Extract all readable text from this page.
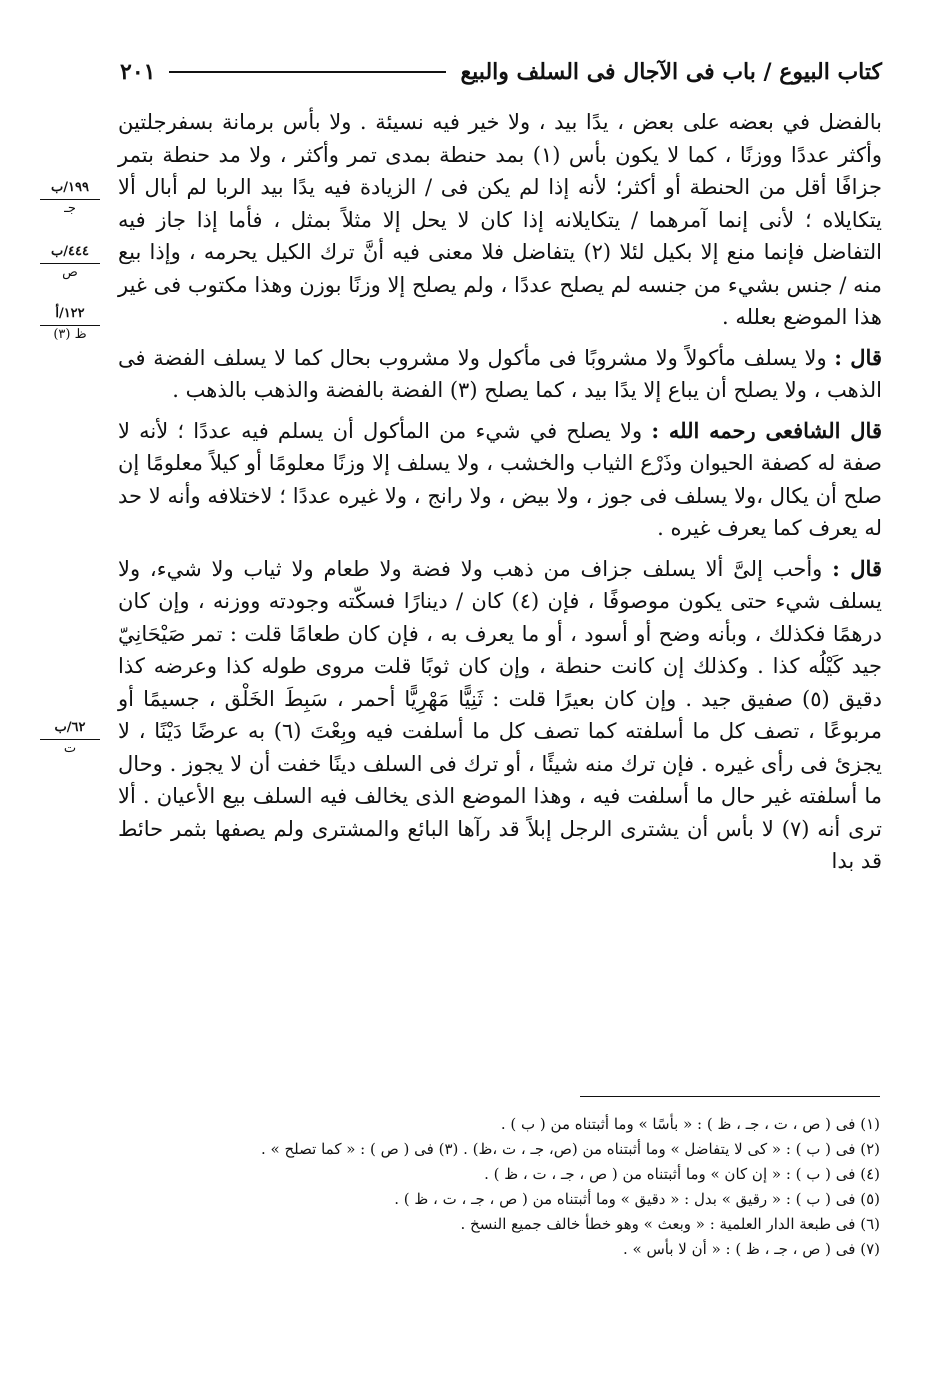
كتاب البيوع / باب فى الآجال فى السلف والبيع
٢٠١
١٩٩/ب
جـ
٤٤٤/ب
ص
١٢٢/أ
ظ (٣)
٦٢/ب
ت

بالفضل في بعضه على بعض ، يدًا بيد ، ولا خير فيه نسيئة . ولا بأس برمانة بسفرجلتين وأكثر عددًا ووزنًا ، كما لا يكون بأس (١) بمد حنطة بمدى تمر وأكثر ، ولا مد حنطة بتمر جزافًا أقل من الحنطة أو أكثر؛ لأنه إذا لم يكن فى / الزيادة فيه يدًا بيد الربا لم أبال ألا يتكايلاه ؛ لأنى إنما آمرهما / يتكايلانه إذا كان لا يحل إلا مثلاً بمثل ، فأما إذا جاز فيه التفاضل فإنما منع إلا بكيل لئلا (٢) يتفاضل فلا معنى فيه أنَّ ترك الكيل يحرمه ، وإذا بيع منه / جنس بشيء من جنسه لم يصلح عددًا ، ولم يصلح إلا وزنًا بوزن وهذا مكتوب فى غير هذا الموضع بعلله .

قال : ولا يسلف مأكولاً ولا مشروبًا فى مأكول ولا مشروب بحال كما لا يسلف الفضة فى الذهب ، ولا يصلح أن يباع إلا يدًا بيد ، كما يصلح (٣) الفضة بالفضة والذهب بالذهب .

قال الشافعى رحمه الله : ولا يصلح في شيء من المأكول أن يسلم فيه عددًا ؛ لأنه لا صفة له كصفة الحيوان وذَرْع الثياب والخشب ، ولا يسلف إلا وزنًا معلومًا أو كيلاً معلومًا إن صلح أن يكال ،ولا يسلف فى جوز ، ولا بيض ، ولا رانج ، ولا غيره عددًا ؛ لاختلافه وأنه لا حد له يعرف كما يعرف غيره .

قال : وأحب إلىَّ ألا يسلف جزاف من ذهب ولا فضة ولا طعام ولا ثياب ولا شيء، ولا يسلف شيء حتى يكون موصوفًا ، فإن (٤) كان / دينارًا فسكّته وجودته ووزنه ، وإن كان درهمًا فكذلك ، وبأنه وضح أو أسود ، أو ما يعرف به ، فإن كان طعامًا قلت : تمر صَيْحَانِيّ جيد كَيْلُه كذا . وكذلك إن كانت حنطة ، وإن كان ثوبًا قلت مروى طوله كذا وعرضه كذا دقيق (٥) صفيق جيد . وإن كان بعيرًا قلت : ثَنِيًّا مَهْرِيًّا أحمر ، سَبِطَ الخَلْق ، جسيمًا أو مربوعًا ، تصف كل ما أسلفته كما تصف كل ما أسلفت فيه وبِعْتَ (٦) به عرضًا دَيْنًا ، لا يجزئ فى رأى غيره . فإن ترك منه شيئًا ، أو ترك فى السلف دينًا خفت أن لا يجوز . وحال ما أسلفته غير حال ما أسلفت فيه ، وهذا الموضع الذى يخالف فيه السلف بيع الأعيان . ألا ترى أنه (٧) لا بأس أن يشترى الرجل إبلاً قد رآها البائع والمشترى ولم يصفها بثمر حائط قد بدا

(١) فى ( ص ، ت ، جـ ، ظ ) : « بأسًا » وما أثبتناه من ( ب ) .

(٢) فى ( ب ) : « كى لا يتفاضل » وما أثبتناه من (ص، جـ ، ت ،ظ) . (٣) فى ( ص ) : « كما تصلح » .

(٤) فى ( ب ) : « إن كان » وما أثبتناه من ( ص ، جـ ، ت ، ظ ) .

(٥) فى ( ب ) : « رقيق » بدل : « دقيق » وما أثبتناه من ( ص ، جـ ، ت ، ظ ) .

(٦) فى طبعة الدار العلمية : « وبعث » وهو خطأ خالف جميع النسخ .

(٧) فى ( ص ، جـ ، ظ ) : « أن لا بأس » .
